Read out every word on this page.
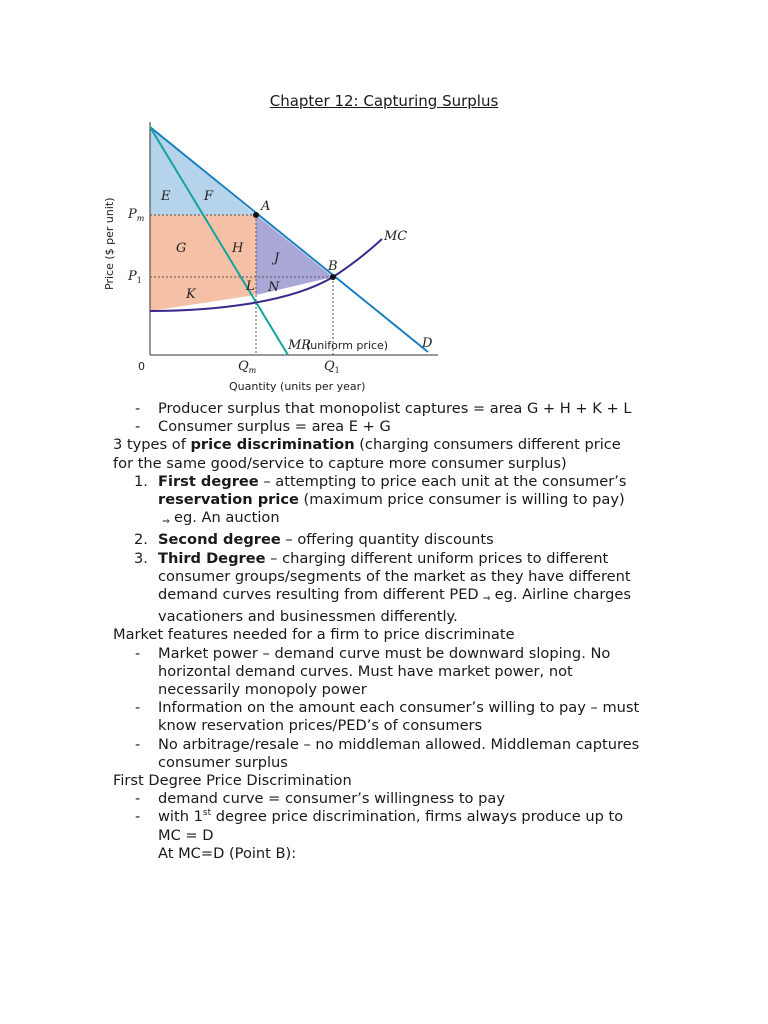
Chapter 12: Capturing Surplus
E	F
G	H
J
K
L N
A
B
MC
D
MR
$P_m$
$P_1$
$Q_m$	$Q_1$
(uniform price)
0
Quantity (units per year)
Price ($ per unit)
- Producer surplus that monopolist captures = area G + H + K + L
- Consumer surplus = area E + G
3 types of price discrimination (charging consumers different price
for the same good/service to capture more consumer surplus)
1. First degree – attempting to price each unit at the consumer’s
reservation price (maximum price consumer is willing to pay)
⇒ eg. An auction
2. Second degree – offering quantity discounts
3. Third Degree – charging different uniform prices to different
consumer groups/segments of the market as they have different
demand curves resulting from different PED ⇒ eg. Airline charges
vacationers and businessmen differently.
Market features needed for a firm to price discriminate
- Market power – demand curve must be downward sloping. No
horizontal demand curves. Must have market power, not
necessarily monopoly power
- Information on the amount each consumer’s willing to pay – must
know reservation prices/PED’s of consumers
- No arbitrage/resale – no middleman allowed. Middleman captures
consumer surplus
First Degree Price Discrimination
- demand curve = consumer’s willingness to pay
- with 1st degree price discrimination, firms always produce up to
MC = D
At MC=D (Point B):
